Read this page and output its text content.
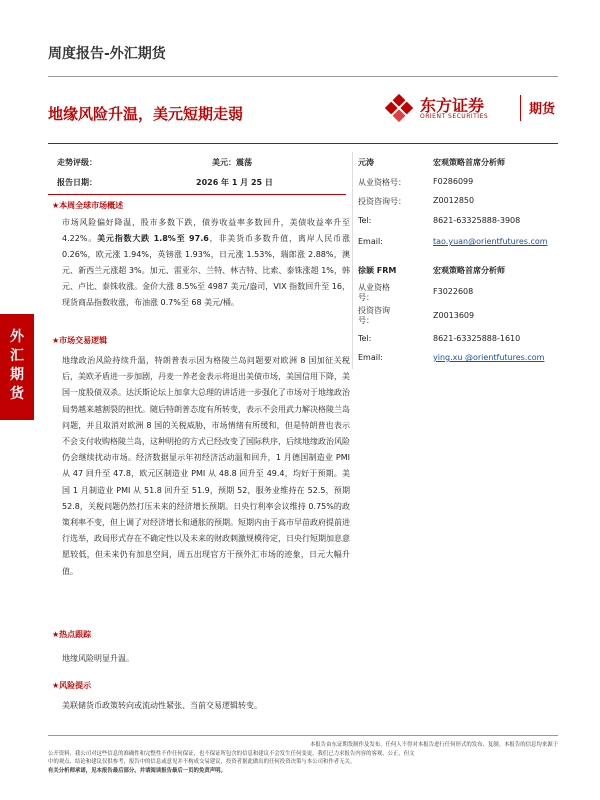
周度报告-外汇期货
地缘风险升温，美元短期走弱	东方证券
ORIENT SECURITIES	期货
外汇期货
走势评级：	美元：震荡
报告日期：	2026 年 1 月 25 日
★本周全球市场概述
市场风险偏好降温，股市多数下跌，债券收益率多数回升，美债收益率升至 4.22%。美元指数大跌 1.8%至 97.6，非美货币多数升值，离岸人民币涨 0.26%，欧元涨 1.94%，英镑涨 1.93%，日元涨 1.53%，瑞郎涨 2.88%，澳元、新西兰元涨超 3%。加元、雷亚尔、兰特、林吉特、比索、泰铢涨超 1%，韩元、卢比、泰铢收涨。金价大涨 8.5%至 4987 美元/盎司，VIX 指数回升至 16，现货商品指数收涨，布油涨 0.7%至 68 美元/桶。
★市场交易逻辑
地缘政治风险持续升温，特朗普表示因为格陵兰岛问题要对欧洲 8 国加征关税后，美欧矛盾进一步加剧，丹麦一养老金表示将退出美债市场，美国信用下降，美国一度股债双杀。达沃斯论坛上加拿大总理的讲话进一步强化了市场对于地缘政治局势越来越割裂的担忧。随后特朗普态度有所转变，表示不会用武力解决格陵兰岛问题，并且取消对欧洲 8 国的关税威胁，市场情绪有所缓和，但是特朗普也表示不会支付收购格陵兰岛，这种明抢的方式已经改变了国际秩序，后续地缘政治风险仍会继续扰动市场。经济数据显示年初经济活动温和回升，1 月德国制造业 PMI 从 47 回升至 47.8，欧元区制造业 PMI 从 48.8 回升至 49.4，均好于预期。美国 1 月制造业 PMI 从 51.8 回升至 51.9，预期 52，服务业维持在 52.5，预期 52.8，关税问题仍然打压未来的经济增长预期。日央行利率会议维持 0.75%的政策利率不变，但上调了对经济增长和通胀的预期。短期内由于高市早苗政府提前进行选举，政局形式存在不确定性以及未来的财政刺激规模待定，日央行短期加息意愿较低，但未来仍有加息空间，周五出现官方干预外汇市场的迹象，日元大幅升值。
★热点跟踪
地缘风险明显升温。
★风险提示
美联储货币政策转向或流动性紧张、当前交易逻辑转变。
元涛	宏观策略首席分析师
从业资格号：	F0286099
投资咨询号：	Z0012850
Tel:	8621-63325888-3908
Email:	tao.yuan@orientfutures.com
徐颖 FRM	宏观策略首席分析师
从业资格
号：
F3022608
投资咨询
号：
Z0013609
Tel:	8621-63325888-1610
Email:	ying.xu @orientfutures.com
本报告由东证期货制作及发布，任何人不得对本报告进行任何形式的发布、复制。本报告的信息均来源于
公开资料，我公司对这些信息的准确性和完整性不作任何保证，也不保证所包含的信息和建议不会发生任何变更。我们已力求报告内容的客观、公正，但文
中的观点、结论和建议仅供参考，报告中的信息或意见并不构成交易建议，投资者据此做出的任何投资决策与本公司和作者无关。
有关分析师承诺，见本报告最后部分。并请阅读报告最后一页的免责声明。
